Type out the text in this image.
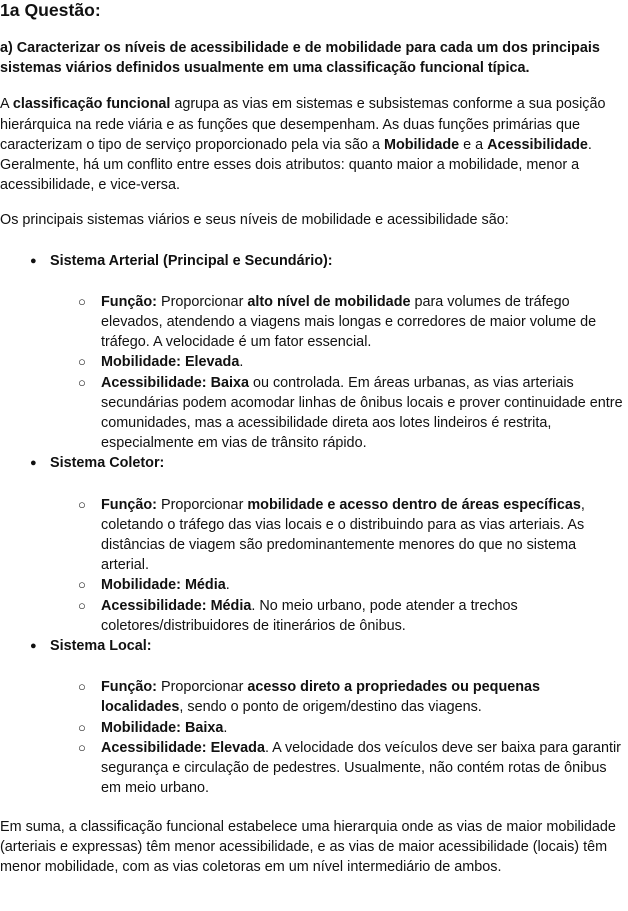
1a Questão:

a) Caracterizar os níveis de acessibilidade e de mobilidade para cada um dos principais sistemas viários definidos usualmente em uma classificação funcional típica.

A classificação funcional agrupa as vias em sistemas e subsistemas conforme a sua posição hierárquica na rede viária e as funções que desempenham. As duas funções primárias que caracterizam o tipo de serviço proporcionado pela via são a Mobilidade e a Acessibilidade. Geralmente, há um conflito entre esses dois atributos: quanto maior a mobilidade, menor a acessibilidade, e vice-versa.

Os principais sistemas viários e seus níveis de mobilidade e acessibilidade são:

● Sistema Arterial (Principal e Secundário):
○	Função: Proporcionar alto nível de mobilidade para volumes de tráfego elevados, atendendo a viagens mais longas e corredores de maior volume de tráfego. A velocidade é um fator essencial.
○	Mobilidade: Elevada.
○	Acessibilidade: Baixa ou controlada. Em áreas urbanas, as vias arteriais secundárias podem acomodar linhas de ônibus locais e prover continuidade entre comunidades, mas a acessibilidade direta aos lotes lindeiros é restrita, especialmente em vias de trânsito rápido.
● Sistema Coletor:
○	Função: Proporcionar mobilidade e acesso dentro de áreas específicas, coletando o tráfego das vias locais e o distribuindo para as vias arteriais. As distâncias de viagem são predominantemente menores do que no sistema arterial.
○	Mobilidade: Média.
○	Acessibilidade: Média. No meio urbano, pode atender a trechos coletores/distribuidores de itinerários de ônibus.
● Sistema Local:
○	Função: Proporcionar acesso direto a propriedades ou pequenas localidades, sendo o ponto de origem/destino das viagens.
○	Mobilidade: Baixa.
○	Acessibilidade: Elevada. A velocidade dos veículos deve ser baixa para garantir segurança e circulação de pedestres. Usualmente, não contém rotas de ônibus em meio urbano.

Em suma, a classificação funcional estabelece uma hierarquia onde as vias de maior mobilidade (arteriais e expressas) têm menor acessibilidade, e as vias de maior acessibilidade (locais) têm menor mobilidade, com as vias coletoras em um nível intermediário de ambos.
